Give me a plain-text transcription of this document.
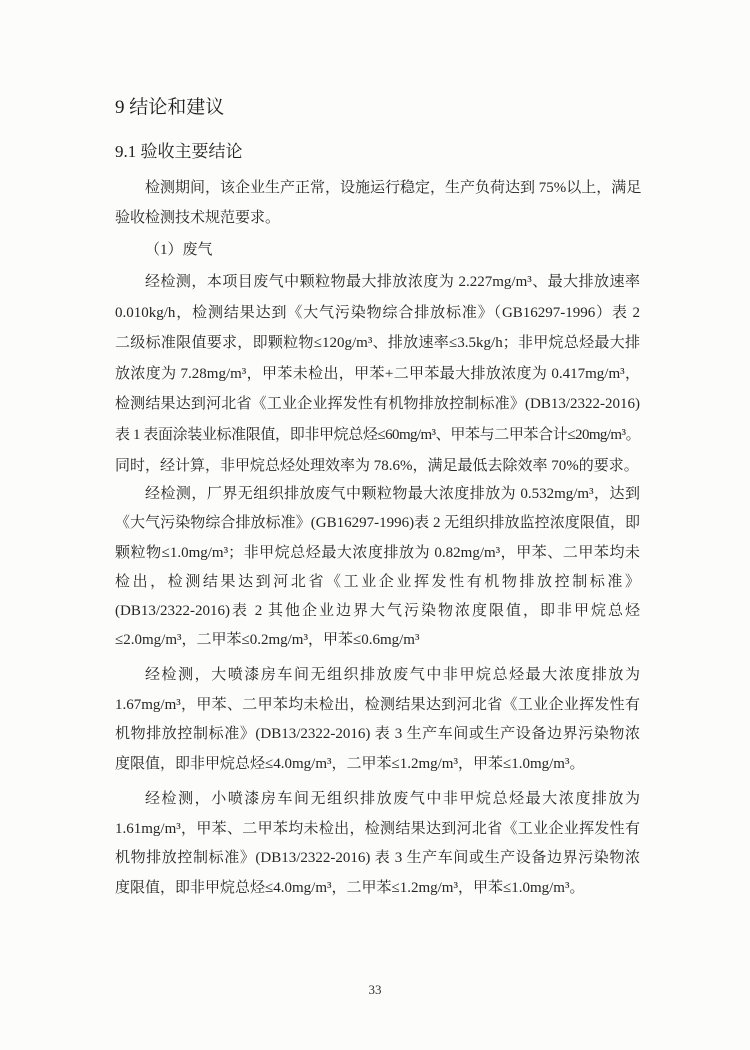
9 结论和建议
9.1 验收主要结论
检测期间，该企业生产正常，设施运行稳定，生产负荷达到 75%以上，满足
验收检测技术规范要求。
（1）废气
经检测，本项目废气中颗粒物最大排放浓度为 2.227mg/m³、最大排放速率
0.010kg/h，检测结果达到《大气污染物综合排放标准》（GB16297-1996）表 2
二级标准限值要求，即颗粒物≤120g/m³、排放速率≤3.5kg/h；非甲烷总烃最大排
放浓度为 7.28mg/m³，甲苯未检出，甲苯+二甲苯最大排放浓度为 0.417mg/m³，
检测结果达到河北省《工业企业挥发性有机物排放控制标准》(DB13/2322-2016)
表 1 表面涂装业标准限值，即非甲烷总烃≤60mg/m³、甲苯与二甲苯合计≤20mg/m³。
同时，经计算，非甲烷总烃处理效率为 78.6%，满足最低去除效率 70%的要求。
经检测，厂界无组织排放废气中颗粒物最大浓度排放为 0.532mg/m³，达到
《大气污染物综合排放标准》(GB16297-1996)表 2 无组织排放监控浓度限值，即
颗粒物≤1.0mg/m³；非甲烷总烃最大浓度排放为 0.82mg/m³，甲苯、二甲苯均未
检出，检测结果达到河北省《工业企业挥发性有机物排放控制标准》
(DB13/2322-2016)表 2 其他企业边界大气污染物浓度限值，即非甲烷总烃
≤2.0mg/m³，二甲苯≤0.2mg/m³，甲苯≤0.6mg/m³
经检测，大喷漆房车间无组织排放废气中非甲烷总烃最大浓度排放为
1.67mg/m³，甲苯、二甲苯均未检出，检测结果达到河北省《工业企业挥发性有
机物排放控制标准》(DB13/2322-2016) 表 3 生产车间或生产设备边界污染物浓
度限值，即非甲烷总烃≤4.0mg/m³，二甲苯≤1.2mg/m³，甲苯≤1.0mg/m³。
经检测，小喷漆房车间无组织排放废气中非甲烷总烃最大浓度排放为
1.61mg/m³，甲苯、二甲苯均未检出，检测结果达到河北省《工业企业挥发性有
机物排放控制标准》(DB13/2322-2016) 表 3 生产车间或生产设备边界污染物浓
度限值，即非甲烷总烃≤4.0mg/m³，二甲苯≤1.2mg/m³，甲苯≤1.0mg/m³。
33
